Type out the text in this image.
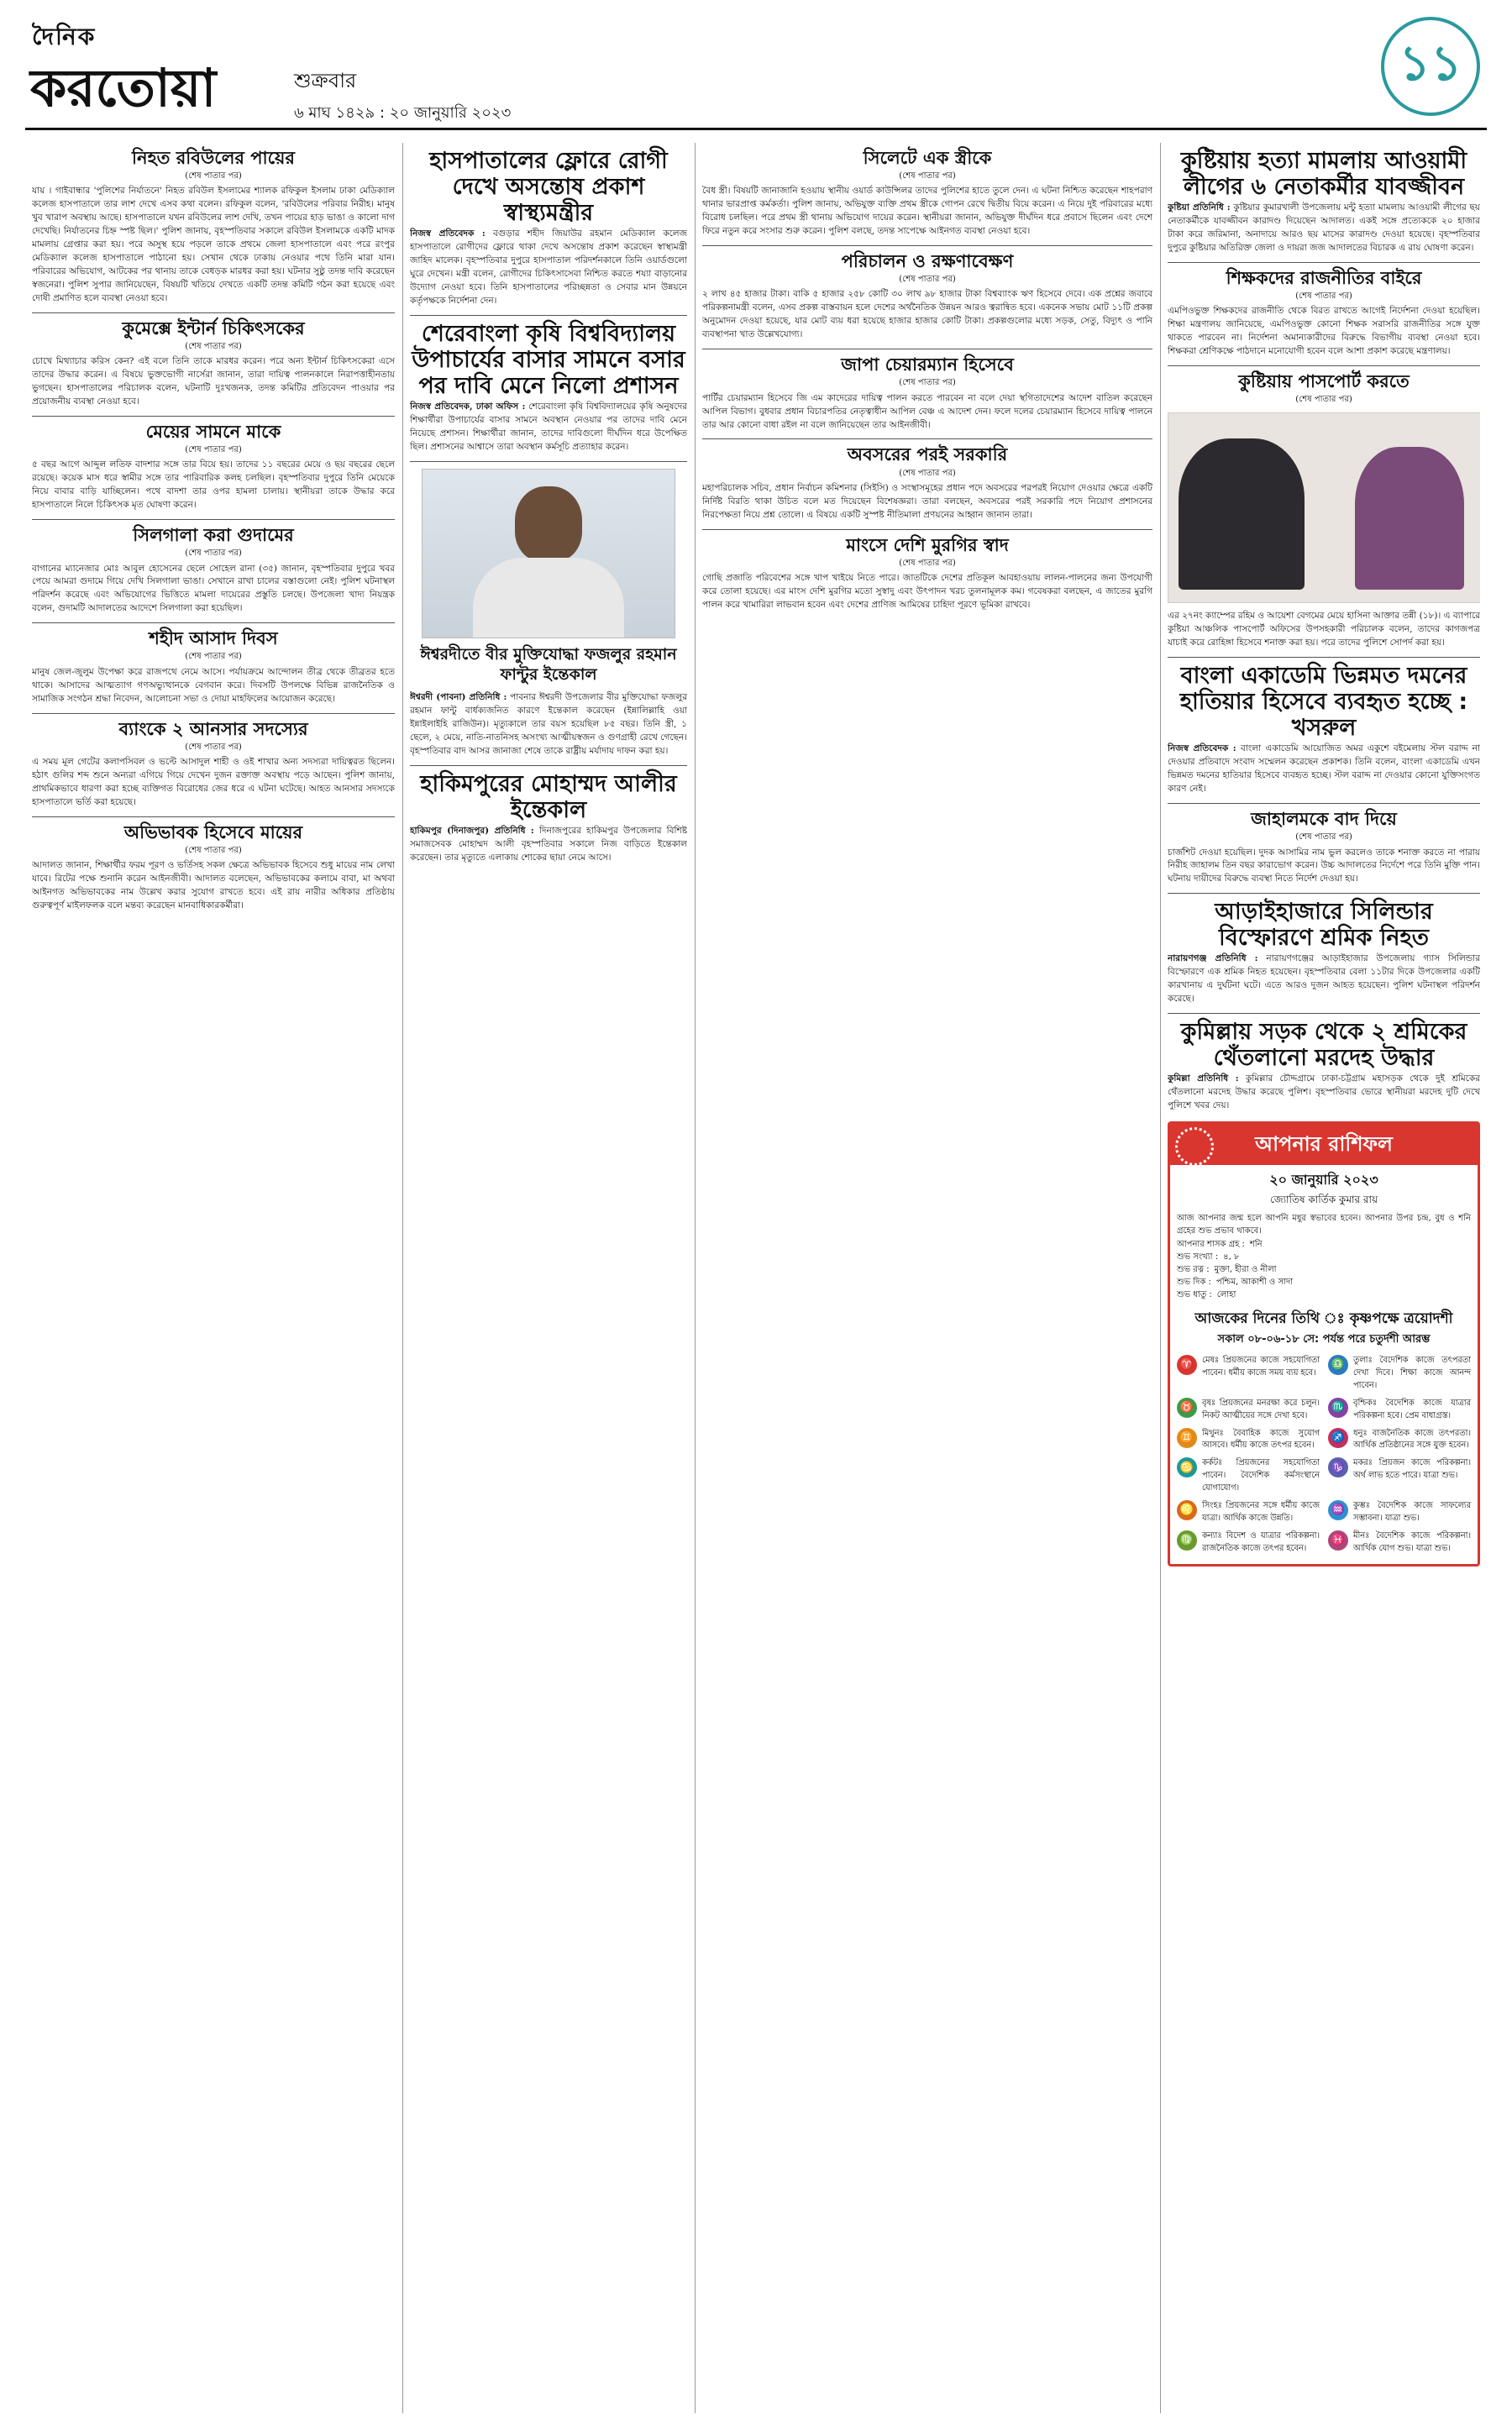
দৈনিক
করতোয়া	শুক্রবার
৬ মাঘ ১৪২৯ : ২০ জানুয়ারি ২০২৩
১১
নিহত রবিউলের পায়ের
(শেষ পাতার পর)

যায় । গাইবান্ধার 'পুলিশের নির্যাতনে' নিহত রবিউল ইসলামের শ্যালক রফিকুল ইসলাম ঢাকা মেডিক্যাল কলেজ হাসপাতালে তার লাশ দেখে এসব কথা বলেন। রফিকুল বলেন, 'রবিউলের পরিবার নিরীহ। মানুষ খুব খারাপ অবস্থায় আছে। হাসপাতালে যখন রবিউলের লাশ দেখি, তখন পায়ের হাড় ভাঙা ও কালো দাগ দেখেছি। নির্যাতনের চিহ্ন স্পষ্ট ছিল।' পুলিশ জানায়, বৃহস্পতিবার সকালে রবিউল ইসলামকে একটি মাদক মামলায় গ্রেপ্তার করা হয়। পরে অসুস্থ হয়ে পড়লে তাকে প্রথমে জেলা হাসপাতালে এবং পরে রংপুর মেডিক্যাল কলেজ হাসপাতালে পাঠানো হয়। সেখান থেকে ঢাকায় নেওয়ার পথে তিনি মারা যান। পরিবারের অভিযোগ, আটকের পর থানায় তাকে বেধড়ক মারধর করা হয়। ঘটনার সুষ্ঠু তদন্ত দাবি করেছেন স্বজনেরা। পুলিশ সুপার জানিয়েছেন, বিষয়টি খতিয়ে দেখতে একটি তদন্ত কমিটি গঠন করা হয়েছে এবং দোষী প্রমাণিত হলে ব্যবস্থা নেওয়া হবে।

কুমেক্সে ইন্টার্ন চিকিৎসকের
(শেষ পাতার পর)

চোখে মিথ্যাচার করিস কেন? এই বলে তিনি তাকে মারধর করেন। পরে অন্য ইন্টার্ন চিকিৎসকেরা এসে তাদের উদ্ধার করেন। এ বিষয়ে ভুক্তভোগী নার্সেরা জানান, তারা দায়িত্ব পালনকালে নিরাপত্তাহীনতায় ভুগছেন। হাসপাতালের পরিচালক বলেন, ঘটনাটি দুঃখজনক, তদন্ত কমিটির প্রতিবেদন পাওয়ার পর প্রয়োজনীয় ব্যবস্থা নেওয়া হবে।

মেয়ের সামনে মাকে
(শেষ পাতার পর)

৫ বছর আগে আব্দুল লতিফ বাদশার সঙ্গে তার বিয়ে হয়। তাদের ১১ বছরের মেয়ে ও ছয় বছরের ছেলে রয়েছে। কয়েক মাস ধরে স্বামীর সঙ্গে তার পারিবারিক কলহ চলছিল। বৃহস্পতিবার দুপুরে তিনি মেয়েকে নিয়ে বাবার বাড়ি যাচ্ছিলেন। পথে বাদশা তার ওপর হামলা চালায়। স্থানীয়রা তাকে উদ্ধার করে হাসপাতালে নিলে চিকিৎসক মৃত ঘোষণা করেন।

সিলগালা করা গুদামের
(শেষ পাতার পর)

বাগানের ম্যানেজার মোঃ আবুল হোসেনের ছেলে সোহেল রানা (৩৫) জানান, বৃহস্পতিবার দুপুরে খবর পেয়ে আমরা গুদামে গিয়ে দেখি সিলগালা ভাঙা। সেখানে রাখা চালের বস্তাগুলো নেই। পুলিশ ঘটনাস্থল পরিদর্শন করেছে এবং অভিযোগের ভিত্তিতে মামলা দায়েরের প্রস্তুতি চলছে। উপজেলা খাদ্য নিয়ন্ত্রক বলেন, গুদামটি আদালতের আদেশে সিলগালা করা হয়েছিল।

শহীদ আসাদ দিবস
(শেষ পাতার পর)

মানুষ জেল-জুলুম উপেক্ষা করে রাজপথে নেমে আসে। পর্যায়ক্রমে আন্দোলন তীব্র থেকে তীব্রতর হতে থাকে। আসাদের আত্মত্যাগ গণঅভ্যুত্থানকে বেগবান করে। দিবসটি উপলক্ষে বিভিন্ন রাজনৈতিক ও সামাজিক সংগঠন শ্রদ্ধা নিবেদন, আলোচনা সভা ও দোয়া মাহফিলের আয়োজন করেছে।

ব্যাংকে ২ আনসার সদস্যের
(শেষ পাতার পর)

এ সময় মূল গেটের কলাপসিবল ও ভল্টে আসাদুল শাহী ও ওই শাখার অন্য সদস্যরা দায়িত্বরত ছিলেন। হঠাৎ গুলির শব্দ শুনে অন্যরা এগিয়ে গিয়ে দেখেন দুজন রক্তাক্ত অবস্থায় পড়ে আছেন। পুলিশ জানায়, প্রাথমিকভাবে ধারণা করা হচ্ছে ব্যক্তিগত বিরোধের জের ধরে এ ঘটনা ঘটেছে। আহত আনসার সদস্যকে হাসপাতালে ভর্তি করা হয়েছে।

অভিভাবক হিসেবে মায়ের
(শেষ পাতার পর)

আদালত জানান, শিক্ষার্থীর ফরম পূরণ ও ভর্তিসহ সকল ক্ষেত্রে অভিভাবক হিসেবে শুধু মায়ের নাম লেখা যাবে। রিটের পক্ষে শুনানি করেন আইনজীবী। আদালত বলেছেন, অভিভাবকের কলামে বাবা, মা অথবা আইনগত অভিভাবকের নাম উল্লেখ করার সুযোগ রাখতে হবে। এই রায় নারীর অধিকার প্রতিষ্ঠায় গুরুত্বপূর্ণ মাইলফলক বলে মন্তব্য করেছেন মানবাধিকারকর্মীরা।

হাসপাতালের ফ্লোরে রোগী দেখে অসন্তোষ প্রকাশ স্বাস্থ্যমন্ত্রীর

নিজস্ব প্রতিবেদক : বগুড়ার শহীদ জিয়াউর রহমান মেডিক্যাল কলেজ হাসপাতালে রোগীদের ফ্লোরে থাকা দেখে অসন্তোষ প্রকাশ করেছেন স্বাস্থ্যমন্ত্রী জাহিদ মালেক। বৃহস্পতিবার দুপুরে হাসপাতাল পরিদর্শনকালে তিনি ওয়ার্ডগুলো ঘুরে দেখেন। মন্ত্রী বলেন, রোগীদের চিকিৎসাসেবা নিশ্চিত করতে শয্যা বাড়ানোর উদ্যোগ নেওয়া হবে। তিনি হাসপাতালের পরিচ্ছন্নতা ও সেবার মান উন্নয়নে কর্তৃপক্ষকে নির্দেশনা দেন।

শেরেবাংলা কৃষি বিশ্ববিদ্যালয় উপাচার্যের বাসার সামনে বসার পর দাবি মেনে নিলো প্রশাসন

নিজস্ব প্রতিবেদক, ঢাকা অফিস : শেরেবাংলা কৃষি বিশ্ববিদ্যালয়ের কৃষি অনুষদের শিক্ষার্থীরা উপাচার্যের বাসার সামনে অবস্থান নেওয়ার পর তাদের দাবি মেনে নিয়েছে প্রশাসন। শিক্ষার্থীরা জানান, তাদের দাবিগুলো দীর্ঘদিন ধরে উপেক্ষিত ছিল। প্রশাসনের আশ্বাসে তারা অবস্থান কর্মসূচি প্রত্যাহার করেন।

ঈশ্বরদীতে বীর মুক্তিযোদ্ধা ফজলুর রহমান ফান্টুর ইন্তেকাল

ঈশ্বরদী (পাবনা) প্রতিনিধি : পাবনার ঈশ্বরদী উপজেলার বীর মুক্তিযোদ্ধা ফজলুর রহমান ফান্টু বার্ধক্যজনিত কারণে ইন্তেকাল করেছেন (ইন্নালিল্লাহি ওয়া ইন্নাইলাইহি রাজিউন)। মৃত্যুকালে তার বয়স হয়েছিল ৮৫ বছর। তিনি স্ত্রী, ১ ছেলে, ২ মেয়ে, নাতি-নাতনিসহ অসংখ্য আত্মীয়স্বজন ও গুণগ্রাহী রেখে গেছেন। বৃহস্পতিবার বাদ আসর জানাজা শেষে তাকে রাষ্ট্রীয় মর্যাদায় দাফন করা হয়।

হাকিমপুরের মোহাম্মদ আলীর ইন্তেকাল

হাকিমপুর (দিনাজপুর) প্রতিনিধি : দিনাজপুরের হাকিমপুর উপজেলার বিশিষ্ট সমাজসেবক মোহাম্মদ আলী বৃহস্পতিবার সকালে নিজ বাড়িতে ইন্তেকাল করেছেন। তার মৃত্যুতে এলাকায় শোকের ছায়া নেমে আসে।

সিলেটে এক স্ত্রীকে
(শেষ পাতার পর)

বৈধ স্ত্রী। বিষয়টি জানাজানি হওয়ায় স্থানীয় ওয়ার্ড কাউন্সিলর তাদের পুলিশের হাতে তুলে দেন। এ ঘটনা নিশ্চিত করেছেন শাহপরাণ থানার ভারপ্রাপ্ত কর্মকর্তা। পুলিশ জানায়, অভিযুক্ত ব্যক্তি প্রথম স্ত্রীকে গোপন রেখে দ্বিতীয় বিয়ে করেন। এ নিয়ে দুই পরিবারের মধ্যে বিরোধ চলছিল। পরে প্রথম স্ত্রী থানায় অভিযোগ দায়ের করেন। স্থানীয়রা জানান, অভিযুক্ত দীর্ঘদিন ধরে প্রবাসে ছিলেন এবং দেশে ফিরে নতুন করে সংসার শুরু করেন। পুলিশ বলছে, তদন্ত সাপেক্ষে আইনগত ব্যবস্থা নেওয়া হবে।

পরিচালন ও রক্ষণাবেক্ষণ
(শেষ পাতার পর)

২ লাখ ৪৫ হাজার টাকা। বাকি ৫ হাজার ২৫৮ কোটি ৩০ লাখ ৯৮ হাজার টাকা বিশ্বব্যাংক ঋণ হিসেবে দেবে। এক প্রশ্নের জবাবে পরিকল্পনামন্ত্রী বলেন, এসব প্রকল্প বাস্তবায়ন হলে দেশের অর্থনৈতিক উন্নয়ন আরও ত্বরান্বিত হবে। একনেক সভায় মোট ১১টি প্রকল্প অনুমোদন দেওয়া হয়েছে, যার মোট ব্যয় ধরা হয়েছে হাজার হাজার কোটি টাকা। প্রকল্পগুলোর মধ্যে সড়ক, সেতু, বিদ্যুৎ ও পানি ব্যবস্থাপনা খাত উল্লেখযোগ্য।

জাপা চেয়ারম্যান হিসেবে
(শেষ পাতার পর)

পার্টির চেয়ারম্যান হিসেবে জি এম কাদেরের দায়িত্ব পালন করতে পারবেন না বলে দেয়া স্থগিতাদেশের আদেশ বাতিল করেছেন আপিল বিভাগ। বুধবার প্রধান বিচারপতির নেতৃত্বাধীন আপিল বেঞ্চ এ আদেশ দেন। ফলে দলের চেয়ারম্যান হিসেবে দায়িত্ব পালনে তার আর কোনো বাধা রইল না বলে জানিয়েছেন তার আইনজীবী।

অবসরের পরই সরকারি
(শেষ পাতার পর)

মহাপরিচালক সচিব, প্রধান নির্বাচন কমিশনার (সিইসি) ও সংস্থাসমূহের প্রধান পদে অবসরের পরপরই নিয়োগ দেওয়ার ক্ষেত্রে একটি নির্দিষ্ট বিরতি থাকা উচিত বলে মত দিয়েছেন বিশেষজ্ঞরা। তারা বলছেন, অবসরের পরই সরকারি পদে নিয়োগ প্রশাসনের নিরপেক্ষতা নিয়ে প্রশ্ন তোলে। এ বিষয়ে একটি সুস্পষ্ট নীতিমালা প্রণয়নের আহ্বান জানান তারা।

মাংসে দেশি মুরগির স্বাদ
(শেষ পাতার পর)

গোছি প্রজাতি পরিবেশের সঙ্গে খাপ খাইয়ে নিতে পারে। জাতটিকে দেশের প্রতিকূল আবহাওয়ায় লালন-পালনের জন্য উপযোগী করে তোলা হয়েছে। এর মাংস দেশি মুরগির মতো সুস্বাদু এবং উৎপাদন খরচ তুলনামূলক কম। গবেষকরা বলছেন, এ জাতের মুরগি পালন করে খামারিরা লাভবান হবেন এবং দেশের প্রাণিজ আমিষের চাহিদা পূরণে ভূমিকা রাখবে।

কুষ্টিয়ায় হত্যা মামলায় আওয়ামী লীগের ৬ নেতাকর্মীর যাবজ্জীবন

কুষ্টিয়া প্রতিনিধি : কুষ্টিয়ার কুমারখালী উপজেলায় মন্টু হত্যা মামলায় আওয়ামী লীগের ছয় নেতাকর্মীকে যাবজ্জীবন কারাদণ্ড দিয়েছেন আদালত। একই সঙ্গে প্রত্যেককে ২০ হাজার টাকা করে জরিমানা, অনাদায়ে আরও ছয় মাসের কারাদণ্ড দেওয়া হয়েছে। বৃহস্পতিবার দুপুরে কুষ্টিয়ার অতিরিক্ত জেলা ও দায়রা জজ আদালতের বিচারক এ রায় ঘোষণা করেন।

শিক্ষকদের রাজনীতির বাইরে
(শেষ পাতার পর)

এমপিওভুক্ত শিক্ষকদের রাজনীতি থেকে বিরত রাখতে আগেই নির্দেশনা দেওয়া হয়েছিল। শিক্ষা মন্ত্রণালয় জানিয়েছে, এমপিওভুক্ত কোনো শিক্ষক সরাসরি রাজনীতির সঙ্গে যুক্ত থাকতে পারবেন না। নির্দেশনা অমান্যকারীদের বিরুদ্ধে বিভাগীয় ব্যবস্থা নেওয়া হবে। শিক্ষকরা শ্রেণিকক্ষে পাঠদানে মনোযোগী হবেন বলে আশা প্রকাশ করেছে মন্ত্রণালয়।

কুষ্টিয়ায় পাসপোর্ট করতে
(শেষ পাতার পর)

এর ২৭নং ক্যাম্পের রহিম ও আয়েশা বেগমের মেয়ে হাসিনা আক্তার তন্নী (১৮)। এ ব্যাপারে কুষ্টিয়া আঞ্চলিক পাসপোর্ট অফিসের উপসহকারী পরিচালক বলেন, তাদের কাগজপত্র যাচাই করে রোহিঙ্গা হিসেবে শনাক্ত করা হয়। পরে তাদের পুলিশে সোপর্দ করা হয়।

বাংলা একাডেমি ভিন্নমত দমনের হাতিয়ার হিসেবে ব্যবহৃত হচ্ছে : খসরুল

নিজস্ব প্রতিবেদক : বাংলা একাডেমি আয়োজিত অমর একুশে বইমেলায় স্টল বরাদ্দ না দেওয়ার প্রতিবাদে সংবাদ সম্মেলন করেছেন প্রকাশক। তিনি বলেন, বাংলা একাডেমি এখন ভিন্নমত দমনের হাতিয়ার হিসেবে ব্যবহৃত হচ্ছে। স্টল বরাদ্দ না দেওয়ার কোনো যুক্তিসংগত কারণ নেই।

জাহালমকে বাদ দিয়ে
(শেষ পাতার পর)

চার্জশিট দেওয়া হয়েছিল। দুদক আসামির নাম ভুল করলেও তাকে শনাক্ত করতে না পারায় নিরীহ জাহালম তিন বছর কারাভোগ করেন। উচ্চ আদালতের নির্দেশে পরে তিনি মুক্তি পান। ঘটনায় দায়ীদের বিরুদ্ধে ব্যবস্থা নিতে নির্দেশ দেওয়া হয়।

আড়াইহাজারে সিলিন্ডার বিস্ফোরণে শ্রমিক নিহত

নারায়ণগঞ্জ প্রতিনিধি : নারায়ণগঞ্জের আড়াইহাজার উপজেলায় গ্যাস সিলিন্ডার বিস্ফোরণে এক শ্রমিক নিহত হয়েছেন। বৃহস্পতিবার বেলা ১১টার দিকে উপজেলার একটি কারখানায় এ দুর্ঘটনা ঘটে। এতে আরও দুজন আহত হয়েছেন। পুলিশ ঘটনাস্থল পরিদর্শন করেছে।

কুমিল্লায় সড়ক থেকে ২ শ্রমিকের থেঁতলানো মরদেহ উদ্ধার

কুমিল্লা প্রতিনিধি : কুমিল্লার চৌদ্দগ্রামে ঢাকা-চট্টগ্রাম মহাসড়ক থেকে দুই শ্রমিকের থেঁতলানো মরদেহ উদ্ধার করেছে পুলিশ। বৃহস্পতিবার ভোরে স্থানীয়রা মরদেহ দুটি দেখে পুলিশে খবর দেয়।

আপনার রাশিফল
২০ জানুয়ারি ২০২৩
জ্যোতিষ কার্তিক কুমার রায়
আজ আপনার জন্ম হলে আপনি মধুর স্বভাবের হবেন। আপনার উপর চন্দ্র, বুধ ও শনি গ্রহের শুভ প্রভাব থাকবে।
আপনার শাসক গ্রহ : শনি
শুভ সংখ্যা : ৪, ৮
শুভ রত্ন : মুক্তা, হীরা ও নীলা
শুভ দিক : পশ্চিম, আকাশী ও সাদা
শুভ ধাতু : লোহা
আজকের দিনের তিথি ঃ কৃষ্ণপক্ষে ত্রয়োদশী
সকাল ০৮-০৬-১৮ সে: পর্যন্ত পরে চতুর্দশী আরম্ভ
♈	মেষঃ প্রিয়জনের কাজে সহযোগিতা পাবেন। ধর্মীয় কাজে সময় ব্যয় হবে।
♎	তুলাঃ বৈদেশিক কাজে তৎপরতা দেখা দিবে। শিক্ষা কাজে আনন্দ পাবেন।
♉	বৃষঃ প্রিয়জনের মনরক্ষা করে চলুন। নিকট আত্মীয়ের সঙ্গে দেখা হবে।
♏	বৃশ্চিকঃ বৈদেশিক কাজে যাত্রার পরিকল্পনা হবে। প্রেম বাধাগ্রস্ত।
♊	মিথুনঃ বৈবাহিক কাজে সুযোগ আসবে। ধর্মীয় কাজে তৎপর হবেন।
♐	ধনুঃ বাজনৈতিক কাজে তৎপরতা। আর্থিক প্রতিষ্ঠানের সঙ্গে যুক্ত হবেন।
♋	কর্কটঃ প্রিয়জনের সহযোগিতা পাবেন। বৈদেশিক কর্মসংস্থানে যোগাযোগ।
♑	মকরঃ প্রিয়জন কাজে পরিকল্পনা। অর্থ লাভ হতে পারে। যাত্রা শুভ।
♌	সিংহঃ প্রিয়জনের সঙ্গে ধর্মীয় কাজে যাত্রা। আর্থিক কাজে উন্নতি।
♒	কুম্ভঃ বৈদেশিক কাজে সাফল্যের সম্ভাবনা। যাত্রা শুভ।
♍	কন্যাঃ বিদেশ ও যাত্রার পরিকল্পনা। রাজনৈতিক কাজে তৎপর হবেন।
♓	মীনঃ বৈদেশিক কাজে পরিকল্পনা। আর্থিক যোগ শুভ। যাত্রা শুভ।
